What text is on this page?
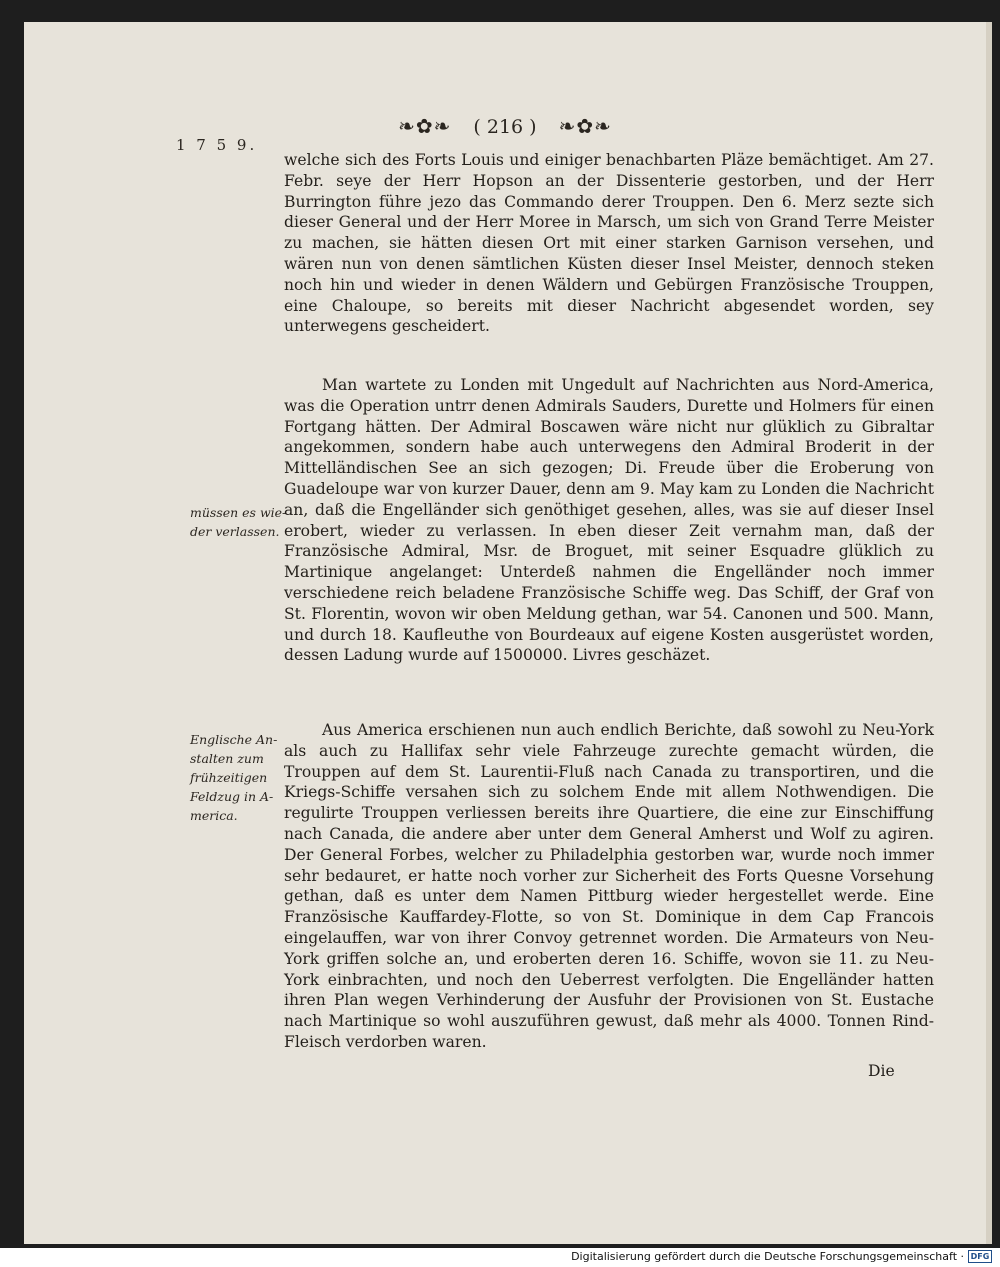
❧✿❧ ( 216 ) ❧✿❧
1 7 5 9.
müssen es wie-
der verlassen.
Englische An-
stalten zum
frühzeitigen
Feldzug in A-
merica.

welche sich des Forts Louis und einiger benachbarten Pläze bemächtiget. Am 27. Febr. seye der Herr Hopson an der Dissenterie gestorben, und der Herr Burrington führe jezo das Commando derer Trouppen. Den 6. Merz sezte sich dieser General und der Herr Moree in Marsch, um sich von Grand Terre Meister zu machen, sie hätten diesen Ort mit einer starken Garnison versehen, und wären nun von denen sämtlichen Küsten dieser Insel Meister, dennoch steken noch hin und wieder in denen Wäldern und Gebürgen Französische Trouppen, eine Chaloupe, so bereits mit dieser Nachricht abgesendet worden, sey unterwegens gescheidert.

Man wartete zu Londen mit Ungedult auf Nachrichten aus Nord-America, was die Operation untrr denen Admirals Sauders, Durette und Holmers für einen Fortgang hätten. Der Admiral Boscawen wäre nicht nur glüklich zu Gibraltar angekommen, sondern habe auch unterwegens den Admiral Broderit in der Mittelländischen See an sich gezogen; Di. Freude über die Eroberung von Guadeloupe war von kurzer Dauer, denn am 9. May kam zu Londen die Nachricht an, daß die Engelländer sich genöthiget gesehen, alles, was sie auf dieser Insel erobert, wieder zu verlassen. In eben dieser Zeit vernahm man, daß der Französische Admiral, Msr. de Broguet, mit seiner Esquadre glüklich zu Martinique angelanget: Unterdeß nahmen die Engelländer noch immer verschiedene reich beladene Französische Schiffe weg. Das Schiff, der Graf von St. Florentin, wovon wir oben Meldung gethan, war 54. Canonen und 500. Mann, und durch 18. Kaufleuthe von Bourdeaux auf eigene Kosten ausgerüstet worden, dessen Ladung wurde auf 1500000. Livres geschäzet.

Aus America erschienen nun auch endlich Berichte, daß sowohl zu Neu-York als auch zu Hallifax sehr viele Fahrzeuge zurechte gemacht würden, die Trouppen auf dem St. Laurentii-Fluß nach Canada zu transportiren, und die Kriegs-Schiffe versahen sich zu solchem Ende mit allem Nothwendigen. Die regulirte Trouppen verliessen bereits ihre Quartiere, die eine zur Einschiffung nach Canada, die andere aber unter dem General Amherst und Wolf zu agiren. Der General Forbes, welcher zu Philadelphia gestorben war, wurde noch immer sehr bedauret, er hatte noch vorher zur Sicherheit des Forts Quesne Vorsehung gethan, daß es unter dem Namen Pittburg wieder hergestellet werde. Eine Französische Kauffardey-Flotte, so von St. Dominique in dem Cap Francois eingelauffen, war von ihrer Convoy getrennet worden. Die Armateurs von Neu-York griffen solche an, und eroberten deren 16. Schiffe, wovon sie 11. zu Neu-York einbrachten, und noch den Ueberrest verfolgten. Die Engelländer hatten ihren Plan wegen Verhinderung der Ausfuhr der Provisionen von St. Eustache nach Martinique so wohl auszuführen gewust, daß mehr als 4000. Tonnen Rind-Fleisch verdorben waren.

Die
Digitalisierung gefördert durch die Deutsche Forschungsgemeinschaft · DFG
